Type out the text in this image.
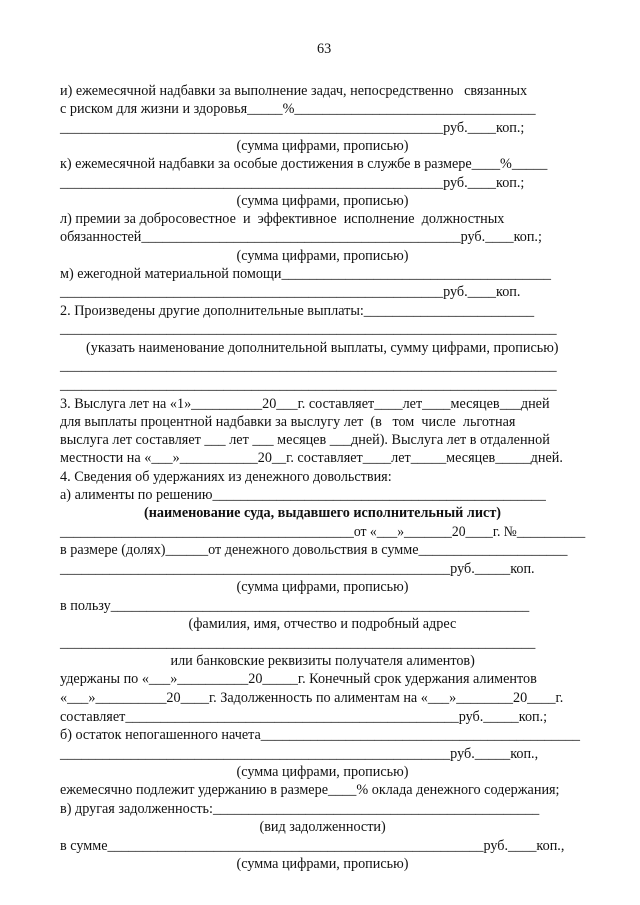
63
и) ежемесячной надбавки за выполнение задач, непосредственно   связанных
с риском для жизни и здоровья_____%__________________________________
______________________________________________________руб.____коп.;
(сумма цифрами, прописью)
к) ежемесячной надбавки за особые достижения в службе в размере____%_____
______________________________________________________руб.____коп.;
(сумма цифрами, прописью)
л) премии за добросовестное  и  эффективное  исполнение  должностных
обязанностей_____________________________________________руб.____коп.;
(сумма цифрами, прописью)
м) ежегодной материальной помощи______________________________________
______________________________________________________руб.____коп.
2. Произведены другие дополнительные выплаты:________________________
______________________________________________________________________
(указать наименование дополнительной выплаты, сумму цифрами, прописью)
______________________________________________________________________
______________________________________________________________________
3. Выслуга лет на «1»__________20___г. составляет____лет____месяцев___дней
для выплаты процентной надбавки за выслугу лет  (в   том  числе  льготная
выслуга лет составляет ___ лет ___ месяцев ___дней). Выслуга лет в отдаленной
местности на «___»___________20__г. составляет____лет_____месяцев_____дней.
4. Сведения об удержаниях из денежного довольствия:
а) алименты по решению_______________________________________________
(наименование суда, выдавшего исполнительный лист)
___________________________________________от «___»_______20____г. №__________
в размере (долях)______от денежного довольствия в сумме_____________________
_______________________________________________________руб._____коп.
(сумма цифрами, прописью)
в пользу___________________________________________________________
(фамилия, имя, отчество и подробный адрес
___________________________________________________________________
или банковские реквизиты получателя алиментов)
удержаны по «___»__________20_____г. Конечный срок удержания алиментов
«___»__________20____г. Задолженность по алиментам на «___»________20____г.
составляет_______________________________________________руб._____коп.;
б) остаток непогашенного начета_____________________________________________
_______________________________________________________руб._____коп.,
(сумма цифрами, прописью)
ежемесячно подлежит удержанию в размере____% оклада денежного содержания;
в) другая задолженность:______________________________________________
(вид задолженности)
в сумме_____________________________________________________руб.____коп.,
(сумма цифрами, прописью)
